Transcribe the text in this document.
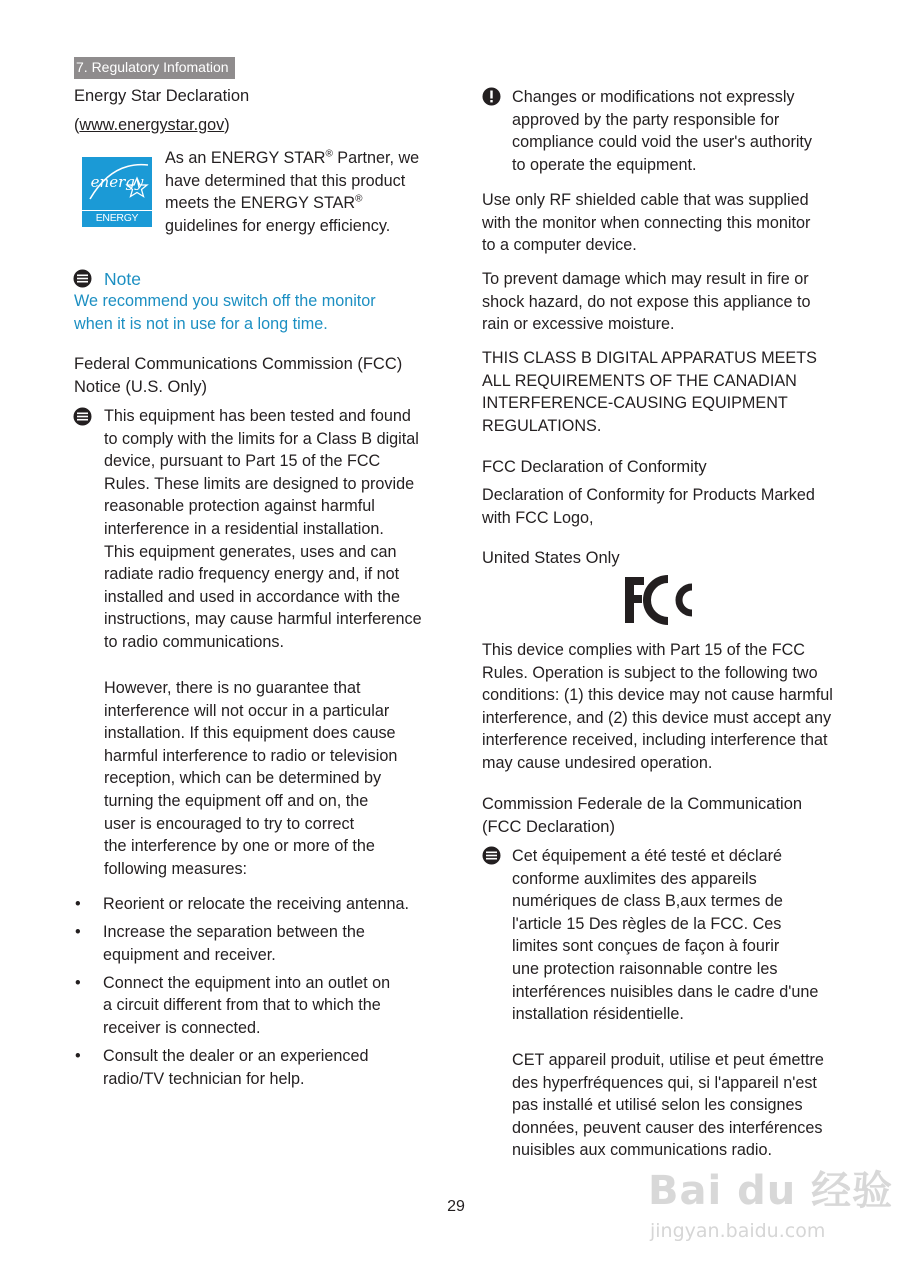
7. Regulatory Infomation
Energy Star Declaration
(www.energystar.gov)
energy
ENERGY STAR
As an ENERGY STAR® Partner, we
have determined that this product
meets the ENERGY STAR®
guidelines for energy efficiency.
Note
We recommend you switch off the monitor
when it is not in use for a long time.
Federal Communications Commission (FCC)
Notice (U.S. Only)
This equipment has been tested and found
to comply with the limits for a Class B digital
device, pursuant to Part 15 of the FCC
Rules. These limits are designed to provide
reasonable protection against harmful
interference in a residential installation.
This equipment generates, uses and can
radiate radio frequency energy and, if not
installed and used in accordance with the
instructions, may cause harmful interference
to radio communications.
However, there is no guarantee that
interference will not occur in a particular
installation. If this equipment does cause
harmful interference to radio or television
reception, which can be determined by
turning the equipment off and on, the
user is encouraged to try to correct
the interference by one or more of the
following measures:
• Reorient or relocate the receiving antenna.
• Increase the separation between the
equipment and receiver.
• Connect the equipment into an outlet on
a circuit different from that to which the
receiver is connected.
• Consult the dealer or an experienced
radio/TV technician for help.
Changes or modifications not expressly
approved by the party responsible for
compliance could void the user's authority
to operate the equipment.
Use only RF shielded cable that was supplied
with the monitor when connecting this monitor
to a computer device.
To prevent damage which may result in fire or
shock hazard, do not expose this appliance to
rain or excessive moisture.
THIS CLASS B DIGITAL APPARATUS MEETS
ALL REQUIREMENTS OF THE CANADIAN
INTERFERENCE-CAUSING EQUIPMENT
REGULATIONS.
FCC Declaration of Conformity
Declaration of Conformity for Products Marked
with FCC Logo,
United States Only
This device complies with Part 15 of the FCC
Rules. Operation is subject to the following two
conditions: (1) this device may not cause harmful
interference, and (2) this device must accept any
interference received, including interference that
may cause undesired operation.
Commission Federale de la Communication
(FCC Declaration)
Cet équipement a été testé et déclaré
conforme auxlimites des appareils
numériques de class B,aux termes de
l'article 15 Des règles de la FCC. Ces
limites sont conçues de façon à fourir
une protection raisonnable contre les
interférences nuisibles dans le cadre d'une
installation résidentielle.
CET appareil produit, utilise et peut émettre
des hyperfréquences qui, si l'appareil n'est
pas installé et utilisé selon les consignes
données, peuvent causer des interférences
nuisibles aux communications radio.
29	Bai du 经验
jingyan.baidu.com
